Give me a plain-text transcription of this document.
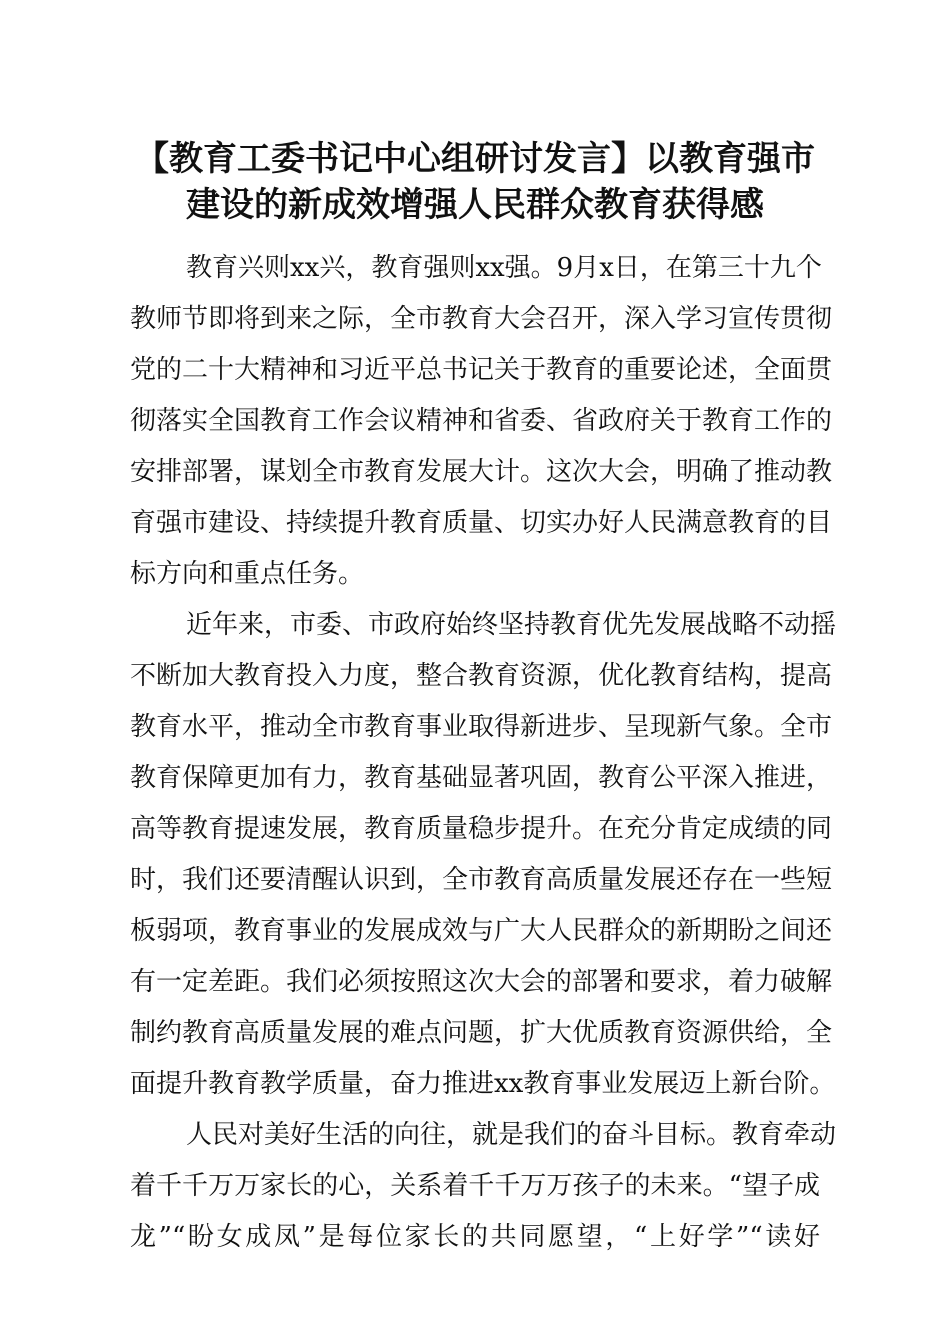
【教育工委书记中心组研讨发言】以教育强市
建设的新成效增强人民群众教育获得感
教育兴则xx兴，教育强则xx强。9月x日，在第三十九个
教师节即将到来之际，全市教育大会召开，深入学习宣传贯彻
党的二十大精神和习近平总书记关于教育的重要论述，全面贯
彻落实全国教育工作会议精神和省委、省政府关于教育工作的
安排部署，谋划全市教育发展大计。这次大会，明确了推动教
育强市建设、持续提升教育质量、切实办好人民满意教育的目
标方向和重点任务。
近年来，市委、市政府始终坚持教育优先发展战略不动摇
不断加大教育投入力度，整合教育资源，优化教育结构，提高
教育水平，推动全市教育事业取得新进步、呈现新气象。全市
教育保障更加有力，教育基础显著巩固，教育公平深入推进，
高等教育提速发展，教育质量稳步提升。在充分肯定成绩的同
时，我们还要清醒认识到，全市教育高质量发展还存在一些短
板弱项，教育事业的发展成效与广大人民群众的新期盼之间还
有一定差距。我们必须按照这次大会的部署和要求，着力破解
制约教育高质量发展的难点问题，扩大优质教育资源供给，全
面提升教育教学质量，奋力推进xx教育事业发展迈上新台阶。
人民对美好生活的向往，就是我们的奋斗目标。教育牵动
着千千万万家长的心，关系着千千万万孩子的未来。“望子成
龙”“盼女成凤”是每位家长的共同愿望，“上好学”“读好
